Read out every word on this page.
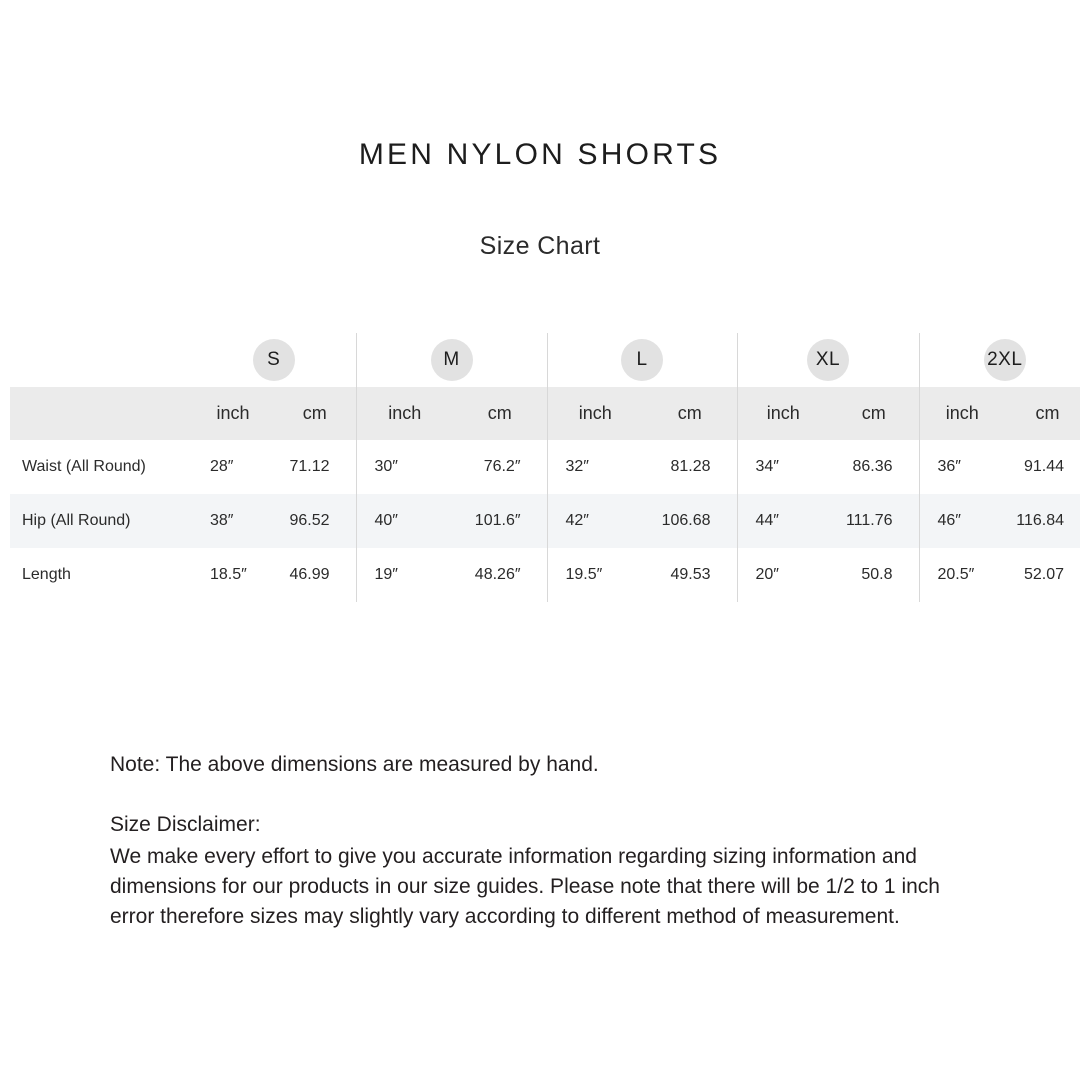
MEN NYLON SHORTS
Size Chart
	S		M		L		XL		2XL	
	inch	cm	inch	cm	inch	cm	inch	cm	inch	cm
Waist (All Round)	28″	71.12	30″	76.2″	32″	81.28	34″	86.36	36″	91.44
Hip (All Round)	38″	96.52	40″	101.6″	42″	106.68	44″	111.76	46″	116.84
Length	18.5″	46.99	19″	48.26″	19.5″	49.53	20″	50.8	20.5″	52.07
Note: The above dimensions are measured by hand.
Size Disclaimer:
We make every effort to give you accurate information regarding sizing information and dimensions for our products in our size guides. Please note that there will be 1/2 to 1 inch error therefore sizes may slightly vary according to different method of measurement.
